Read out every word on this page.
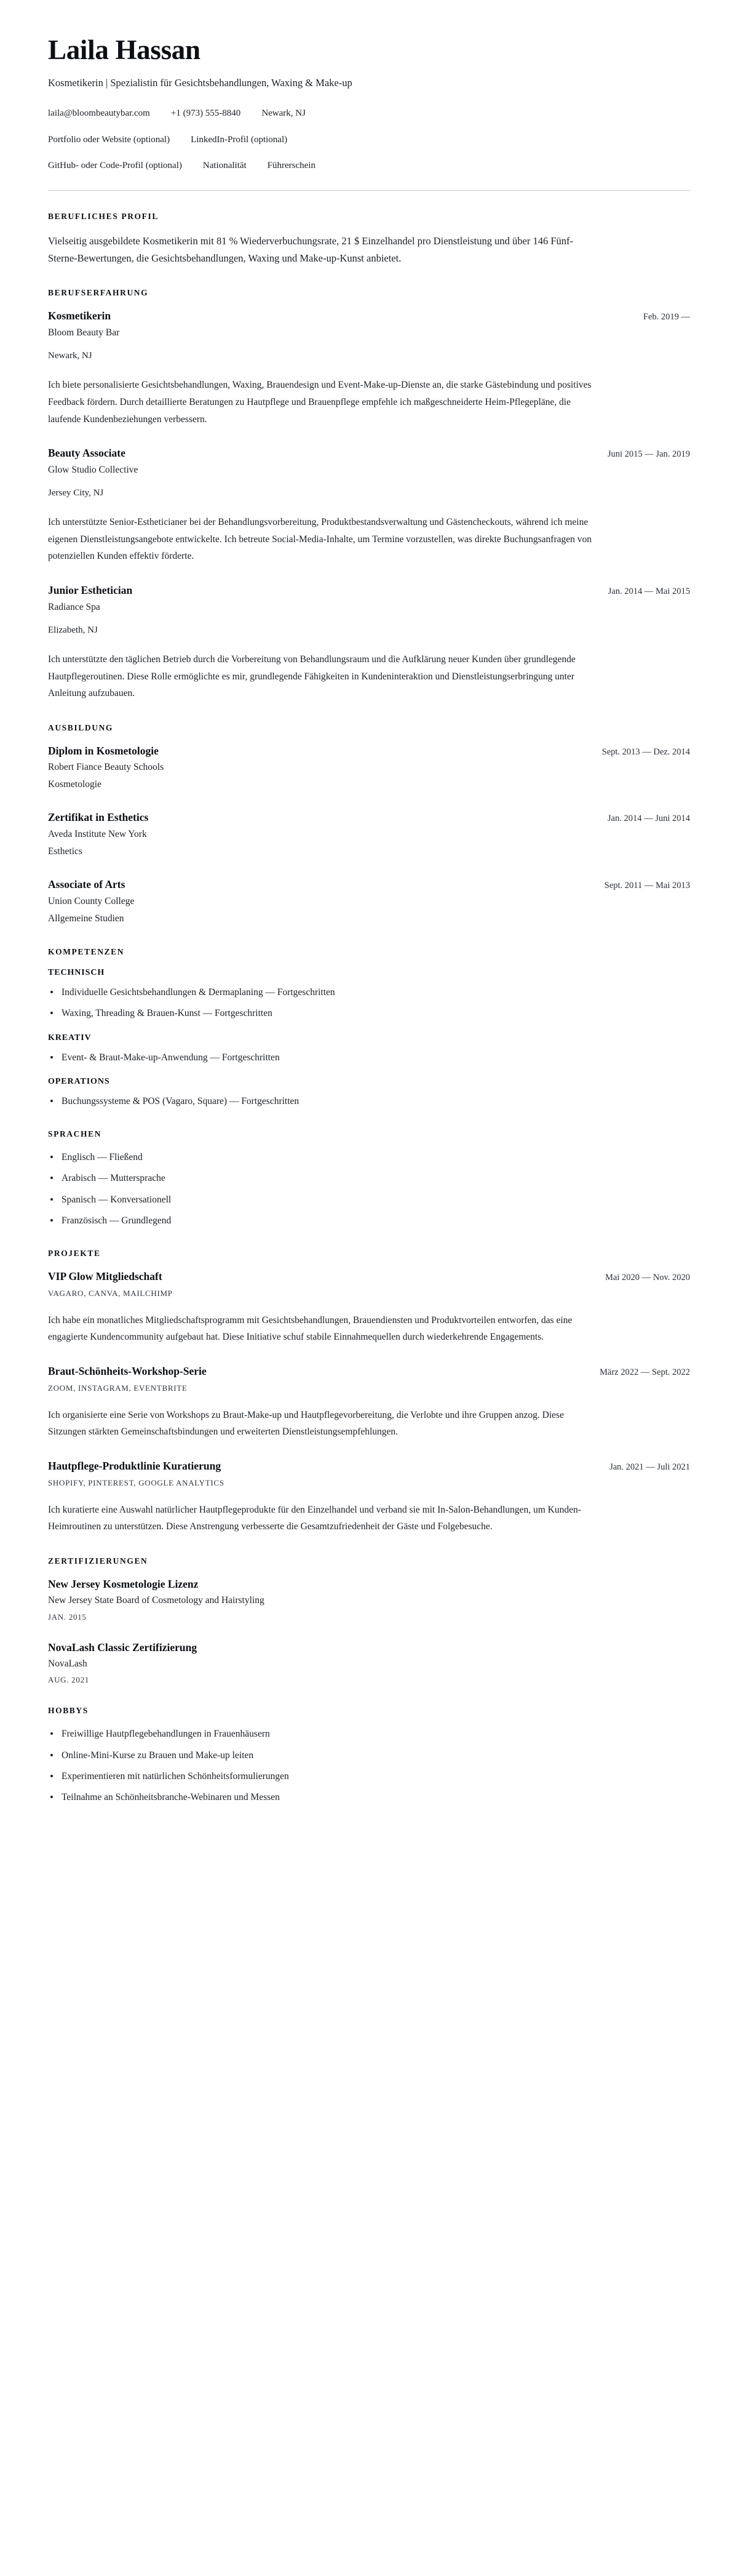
Laila Hassan

Kosmetikerin | Spezialistin für Gesichtsbehandlungen, Waxing & Make-up

laila@bloombeautybar.com +1 (973) 555-8840 Newark, NJ
Portfolio oder Website (optional) LinkedIn-Profil (optional)
GitHub- oder Code-Profil (optional) Nationalität Führerschein
BERUFLICHES PROFIL

Vielseitig ausgebildete Kosmetikerin mit 81 % Wiederverbuchungsrate, 21 $ Einzelhandel pro Dienstleistung und über 146 Fünf-Sterne-Bewertungen, die Gesichtsbehandlungen, Waxing und Make-up-Kunst anbietet.

BERUFSERFAHRUNG
Kosmetikerin	Feb. 2019 —

Bloom Beauty Bar

Newark, NJ

Ich biete personalisierte Gesichtsbehandlungen, Waxing, Brauendesign und Event-Make-up-Dienste an, die starke Gästebindung und positives Feedback fördern. Durch detaillierte Beratungen zu Hautpflege und Brauenpflege empfehle ich maßgeschneiderte Heim-Pflegepläne, die laufende Kundenbeziehungen verbessern.

Beauty Associate	Juni 2015 — Jan. 2019

Glow Studio Collective

Jersey City, NJ

Ich unterstützte Senior-Estheticianer bei der Behandlungsvorbereitung, Produktbestandsverwaltung und Gästencheckouts, während ich meine eigenen Dienstleistungsangebote entwickelte. Ich betreute Social-Media-Inhalte, um Termine vorzustellen, was direkte Buchungsanfragen von potenziellen Kunden effektiv förderte.

Junior Esthetician	Jan. 2014 — Mai 2015

Radiance Spa

Elizabeth, NJ

Ich unterstützte den täglichen Betrieb durch die Vorbereitung von Behandlungsraum und die Aufklärung neuer Kunden über grundlegende Hautpflegeroutinen. Diese Rolle ermöglichte es mir, grundlegende Fähigkeiten in Kundeninteraktion und Dienstleistungserbringung unter Anleitung aufzubauen.

AUSBILDUNG
Diplom in Kosmetologie	Sept. 2013 — Dez. 2014

Robert Fiance Beauty Schools

Kosmetologie

Zertifikat in Esthetics	Jan. 2014 — Juni 2014

Aveda Institute New York

Esthetics

Associate of Arts	Sept. 2011 — Mai 2013

Union County College

Allgemeine Studien

KOMPETENZEN
TECHNISCH
Individuelle Gesichtsbehandlungen & Dermaplaning — Fortgeschritten
Waxing, Threading & Brauen-Kunst — Fortgeschritten
KREATIV
Event- & Braut-Make-up-Anwendung — Fortgeschritten
OPERATIONS
Buchungssysteme & POS (Vagaro, Square) — Fortgeschritten
SPRACHEN
Englisch — Fließend
Arabisch — Muttersprache
Spanisch — Konversationell
Französisch — Grundlegend
PROJEKTE
VIP Glow Mitgliedschaft	Mai 2020 — Nov. 2020

VAGARO, CANVA, MAILCHIMP

Ich habe ein monatliches Mitgliedschaftsprogramm mit Gesichtsbehandlungen, Brauendiensten und Produktvorteilen entworfen, das eine engagierte Kundencommunity aufgebaut hat. Diese Initiative schuf stabile Einnahmequellen durch wiederkehrende Engagements.

Braut-Schönheits-Workshop-Serie	März 2022 — Sept. 2022

ZOOM, INSTAGRAM, EVENTBRITE

Ich organisierte eine Serie von Workshops zu Braut-Make-up und Hautpflegevorbereitung, die Verlobte und ihre Gruppen anzog. Diese Sitzungen stärkten Gemeinschaftsbindungen und erweiterten Dienstleistungsempfehlungen.

Hautpflege-Produktlinie Kuratierung	Jan. 2021 — Juli 2021

SHOPIFY, PINTEREST, GOOGLE ANALYTICS

Ich kuratierte eine Auswahl natürlicher Hautpflegeprodukte für den Einzelhandel und verband sie mit In-Salon-Behandlungen, um Kunden-Heimroutinen zu unterstützen. Diese Anstrengung verbesserte die Gesamtzufriedenheit der Gäste und Folgebesuche.

ZERTIFIZIERUNGEN
New Jersey Kosmetologie Lizenz

New Jersey State Board of Cosmetology and Hairstyling

JAN. 2015

NovaLash Classic Zertifizierung

NovaLash

AUG. 2021

HOBBYS
Freiwillige Hautpflegebehandlungen in Frauenhäusern
Online-Mini-Kurse zu Brauen und Make-up leiten
Experimentieren mit natürlichen Schönheitsformulierungen
Teilnahme an Schönheitsbranche-Webinaren und Messen
